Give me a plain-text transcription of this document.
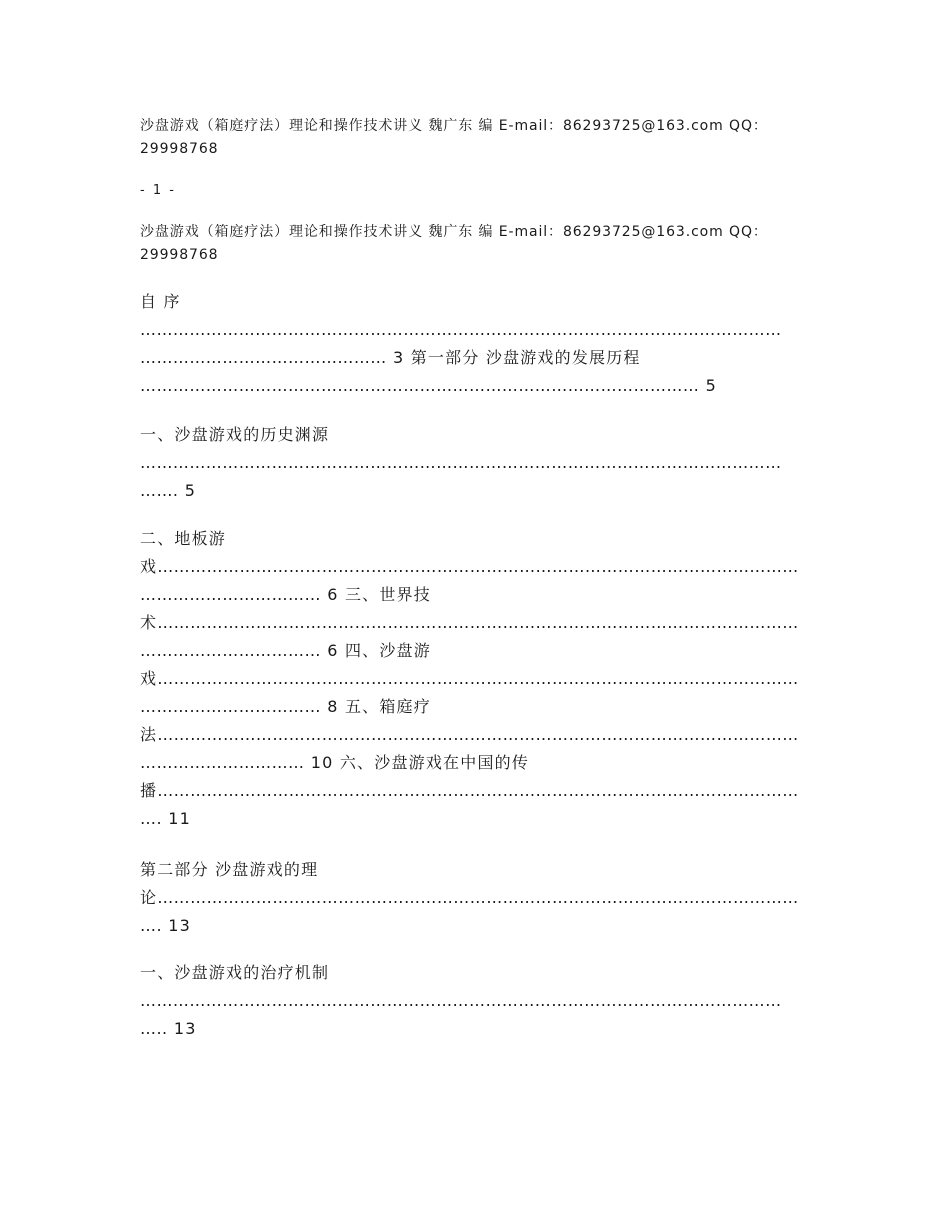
沙盘游戏（箱庭疗法）理论和操作技术讲义 魏广东 编 E-mail：86293725@163.com QQ：
29998768
- 1 -
沙盘游戏（箱庭疗法）理论和操作技术讲义 魏广东 编 E-mail：86293725@163.com QQ：
29998768
自 序
………………………………………………………………………………………………………
……………………………………… 3 第一部分 沙盘游戏的发展历程
………………………………………………………………………………………… 5
一、沙盘游戏的历史渊源
………………………………………………………………………………………………………
……. 5
二、地板游
戏………………………………………………………………………………………………………
…………………………… 6 三、世界技
术………………………………………………………………………………………………………
…………………………… 6 四、沙盘游
戏………………………………………………………………………………………………………
…………………………… 8 五、箱庭疗
法………………………………………………………………………………………………………
………………………… 10 六、沙盘游戏在中国的传
播………………………………………………………………………………………………………
…. 11
第二部分 沙盘游戏的理
论………………………………………………………………………………………………………
…. 13
一、沙盘游戏的治疗机制
………………………………………………………………………………………………………
….. 13
